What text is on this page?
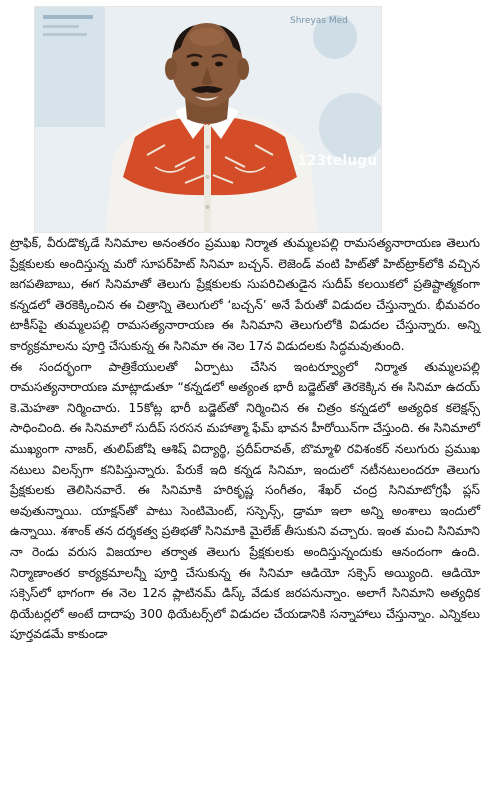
Shreyas Med
123telugu

ట్రాఫిక్, వీరుడొక్కడే సినిమాల అనంతరం ప్రముఖ నిర్మాత తుమ్మలపల్లి రామసత్యనారాయణ తెలుగు ప్రేక్షకులకు అందిస్తున్న మరో సూపర్‌హిట్ సినిమా బచ్చన్. లెజెండ్ వంటి హిట్‌తో హిట్‌ట్రాక్‌లోకి వచ్చిన జగపతిబాబు, ఈగ సినిమాతో తెలుగు ప్రేక్షకులకు సుపరిచితుడైన సుదీప్ కలయికలో ప్రతిష్టాత్మకంగా కన్నడలో తెరకెక్కించిన ఈ చిత్రాన్ని తెలుగులో ‘బచ్చన్’ అనే పేరుతో విడుదల చేస్తున్నారు. భీమవరం టాకీస్‌పై తుమ్మలపల్లి రామసత్యనారాయణ ఈ సినిమాని తెలుగులోకి విడుదల చేస్తున్నారు. అన్ని కార్యక్రమాలను పూర్తి చేసుకున్న ఈ సినిమా ఈ నెల 17న విడుదలకు సిద్ధమవుతుంది.

ఈ సందర్భంగా పాత్రికేయులతో ఏర్పాటు చేసిన ఇంటర్వ్యూలో నిర్మాత తుమ్మలపల్లి రామసత్యనారాయణ మాట్లాడుతూ “కన్నడలో అత్యంత భారీ బడ్జెట్‌తో తెరకెక్కిన ఈ సినిమా ఉదయ్ కె.మెహతా నిర్మించారు. 15కోట్ల భారీ బడ్జెట్‌తో నిర్మించిన ఈ చిత్రం కన్నడలో అత్యధిక కలెక్షన్స్ సాధించింది. ఈ సినిమాలో సుదీప్ సరసన మహాత్మా ఫేమ్ భావన హీరోయిన్‌గా చేస్తుంది. ఈ సినిమాలో ముఖ్యంగా నాజర్, తులిప్‌జోషి ఆశిష్ విద్యార్థి, ప్రదీప్‌రావత్, బొమ్మాళి రవిశంకర్ నలుగురు ప్రముఖ నటులు విలన్స్‌గా కనిపిస్తున్నారు. పేరుకే ఇది కన్నడ సినిమా, ఇందులో నటీనటులందరూ తెలుగు ప్రేక్షకులకు తెలిసినవారే. ఈ సినిమాకి హరికృష్ణ సంగీతం, శేఖర్ చంద్ర సినిమాటోగ్రఫీ ప్లస్ అవుతున్నాయి. యాక్షన్‌తో పాటు సెంటిమెంట్, సస్పెన్స్, డ్రామా ఇలా అన్ని అంశాలు ఇందులో ఉన్నాయి. శశాంక్ తన దర్శకత్వ ప్రతిభతో సినిమాకి మైలేజ్ తీసుకుని వచ్చారు. ఇంత మంచి సినిమాని నా రెండు వరుస విజయాల తర్వాత తెలుగు ప్రేక్షకులకు అందిస్తున్నందుకు ఆనందంగా ఉంది. నిర్మాణాంతర కార్యక్రమాలన్నీ పూర్తి చేసుకున్న ఈ సినిమా ఆడియో సక్సెస్ అయ్యింది. ఆడియో సక్సెస్‌లో భాగంగా ఈ నెల 12న ప్లాటినమ్ డిస్క్ వేడుక జరపనున్నాం. అలాగే సినిమాని అత్యధిక థియేటర్లలో అంటే దాదాపు 300 థియేటర్స్‌లో విడుదల చేయడానికి సన్నాహాలు చేస్తున్నాం. ఎన్నికలు పూర్తవడమే కాకుండా
